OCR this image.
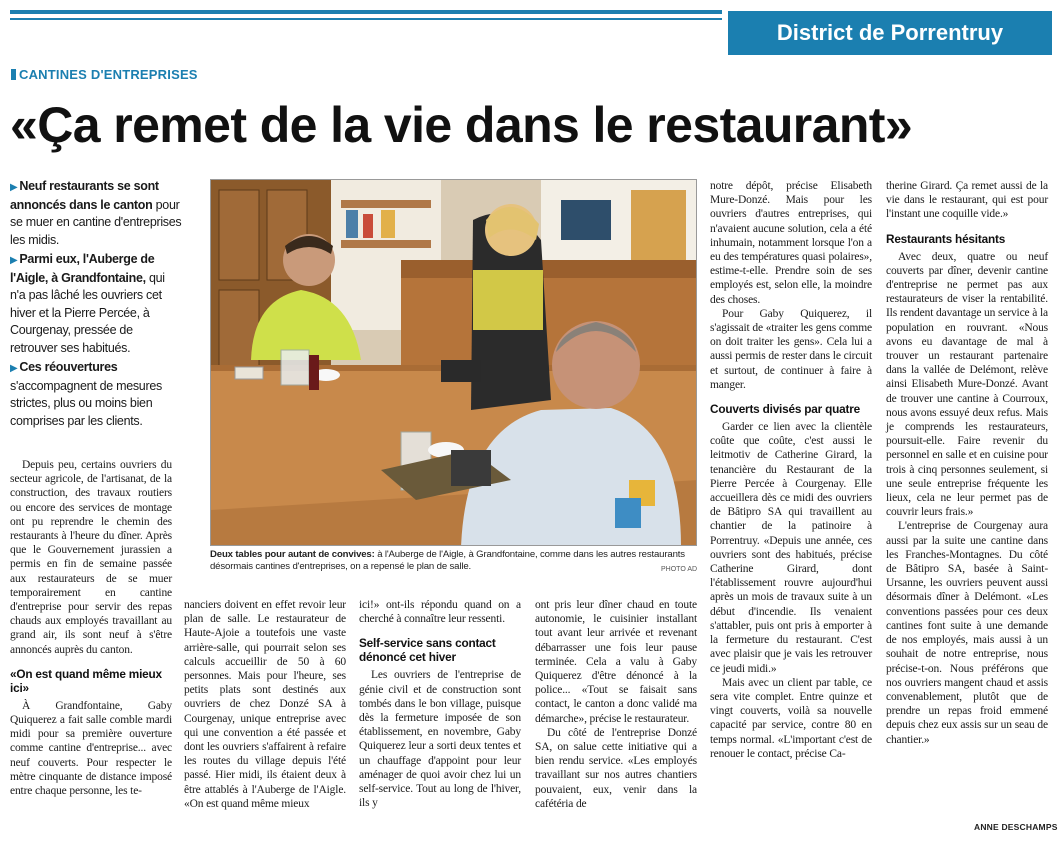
District de Porrentruy
CANTINES D'ENTREPRISES
«Ça remet de la vie dans le restaurant»
▶ Neuf restaurants se sont annoncés dans le canton pour se muer en cantine d'entreprises les midis.
▶ Parmi eux, l'Auberge de l'Aigle, à Grandfontaine, qui n'a pas lâché les ouvriers cet hiver et la Pierre Percée, à Courgenay, pressée de retrouver ses habitués.
▶ Ces réouvertures s'accompagnent de mesures strictes, plus ou moins bien comprises par les clients.

Depuis peu, certains ouvriers du secteur agricole, de l'artisanat, de la construction, des travaux routiers ou encore des services de montage ont pu reprendre le chemin des restaurants à l'heure du dîner. Après que le Gouvernement jurassien a permis en fin de semaine passée aux restaurateurs de se muer temporairement en cantine d'entreprise pour servir des repas chauds aux employés travaillant au grand air, ils sont neuf à s'être annoncés auprès du canton.

«On est quand même mieux ici»

À Grandfontaine, Gaby Quiquerez a fait salle comble mardi midi pour sa première ouverture comme cantine d'entreprise... avec neuf couverts. Pour respecter le mètre cinquante de distance imposé entre chaque personne, les te-

nanciers doivent en effet revoir leur plan de salle. Le restaurateur de Haute-Ajoie a toutefois une vaste arrière-salle, qui pourrait selon ses calculs accueillir de 50 à 60 personnes. Mais pour l'heure, ses petits plats sont destinés aux ouvriers de chez Donzé SA à Courgenay, unique entreprise avec qui une convention a été passée et dont les ouvriers s'affairent à refaire les routes du village depuis l'été passé. Hier midi, ils étaient deux à être attablés à l'Auberge de l'Aigle. «On est quand même mieux

ici!» ont-ils répondu quand on a cherché à connaître leur ressenti.

Self-service sans contact dénoncé cet hiver

Les ouvriers de l'entreprise de génie civil et de construction sont tombés dans le bon village, puisque dès la fermeture imposée de son établissement, en novembre, Gaby Quiquerez leur a sorti deux tentes et un chauffage d'appoint pour leur aménager de quoi avoir chez lui un self-service. Tout au long de l'hiver, ils y

ont pris leur dîner chaud en toute autonomie, le cuisinier installant tout avant leur arrivée et revenant débarrasser une fois leur pause terminée. Cela a valu à Gaby Quiquerez d'être dénoncé à la police... «Tout se faisait sans contact, le canton a donc validé ma démarche», précise le restaurateur.

Du côté de l'entreprise Donzé SA, on salue cette initiative qui a bien rendu service. «Les employés travaillant sur nos autres chantiers pouvaient, eux, venir dans la cafétéria de

notre dépôt, précise Elisabeth Mure-Donzé. Mais pour les ouvriers d'autres entreprises, qui n'avaient aucune solution, cela a été inhumain, notamment lorsque l'on a eu des températures quasi polaires», estime-t-elle. Prendre soin de ses employés est, selon elle, la moindre des choses.

Pour Gaby Quiquerez, il s'agissait de «traiter les gens comme on doit traiter les gens». Cela lui a aussi permis de rester dans le circuit et surtout, de continuer à faire à manger.

Couverts divisés par quatre

Garder ce lien avec la clientèle coûte que coûte, c'est aussi le leitmotiv de Catherine Girard, la tenancière du Restaurant de la Pierre Percée à Courgenay. Elle accueillera dès ce midi des ouvriers de Bâtipro SA qui travaillent au chantier de la patinoire à Porrentruy. «Depuis une année, ces ouvriers sont des habitués, précise Catherine Girard, dont l'établissement rouvre aujourd'hui après un mois de travaux suite à un début d'incendie. Ils venaient s'attabler, puis ont pris à emporter à la fermeture du restaurant. C'est avec plaisir que je vais les retrouver ce jeudi midi.»

Mais avec un client par table, ce sera vite complet. Entre quinze et vingt couverts, voilà sa nouvelle capacité par service, contre 80 en temps normal. «L'important c'est de renouer le contact, précise Ca-

therine Girard. Ça remet aussi de la vie dans le restaurant, qui est pour l'instant une coquille vide.»

Restaurants hésitants

Avec deux, quatre ou neuf couverts par dîner, devenir cantine d'entreprise ne permet pas aux restaurateurs de viser la rentabilité. Ils rendent davantage un service à la population en rouvrant. «Nous avons eu davantage de mal à trouver un restaurant partenaire dans la vallée de Delémont, relève ainsi Elisabeth Mure-Donzé. Avant de trouver une cantine à Courroux, nous avons essuyé deux refus. Mais je comprends les restaurateurs, poursuit-elle. Faire revenir du personnel en salle et en cuisine pour trois à cinq personnes seulement, si une seule entreprise fréquente les lieux, cela ne leur permet pas de couvrir leurs frais.»

L'entreprise de Courgenay aura aussi par la suite une cantine dans les Franches-Montagnes. Du côté de Bâtipro SA, basée à Saint-Ursanne, les ouvriers peuvent aussi désormais dîner à Delémont. «Les conventions passées pour ces deux cantines font suite à une demande de nos employés, mais aussi à un souhait de notre entreprise, nous précise-t-on. Nous préférons que nos ouvriers mangent chaud et assis convenablement, plutôt que de prendre un repas froid emmené depuis chez eux assis sur un seau de chantier.»

Deux tables pour autant de convives: à l'Auberge de l'Aigle, à Grandfontaine, comme dans les autres restaurants désormais cantines d'entreprises, on a repensé le plan de salle.	PHOTO AD
ANNE DESCHAMPS
